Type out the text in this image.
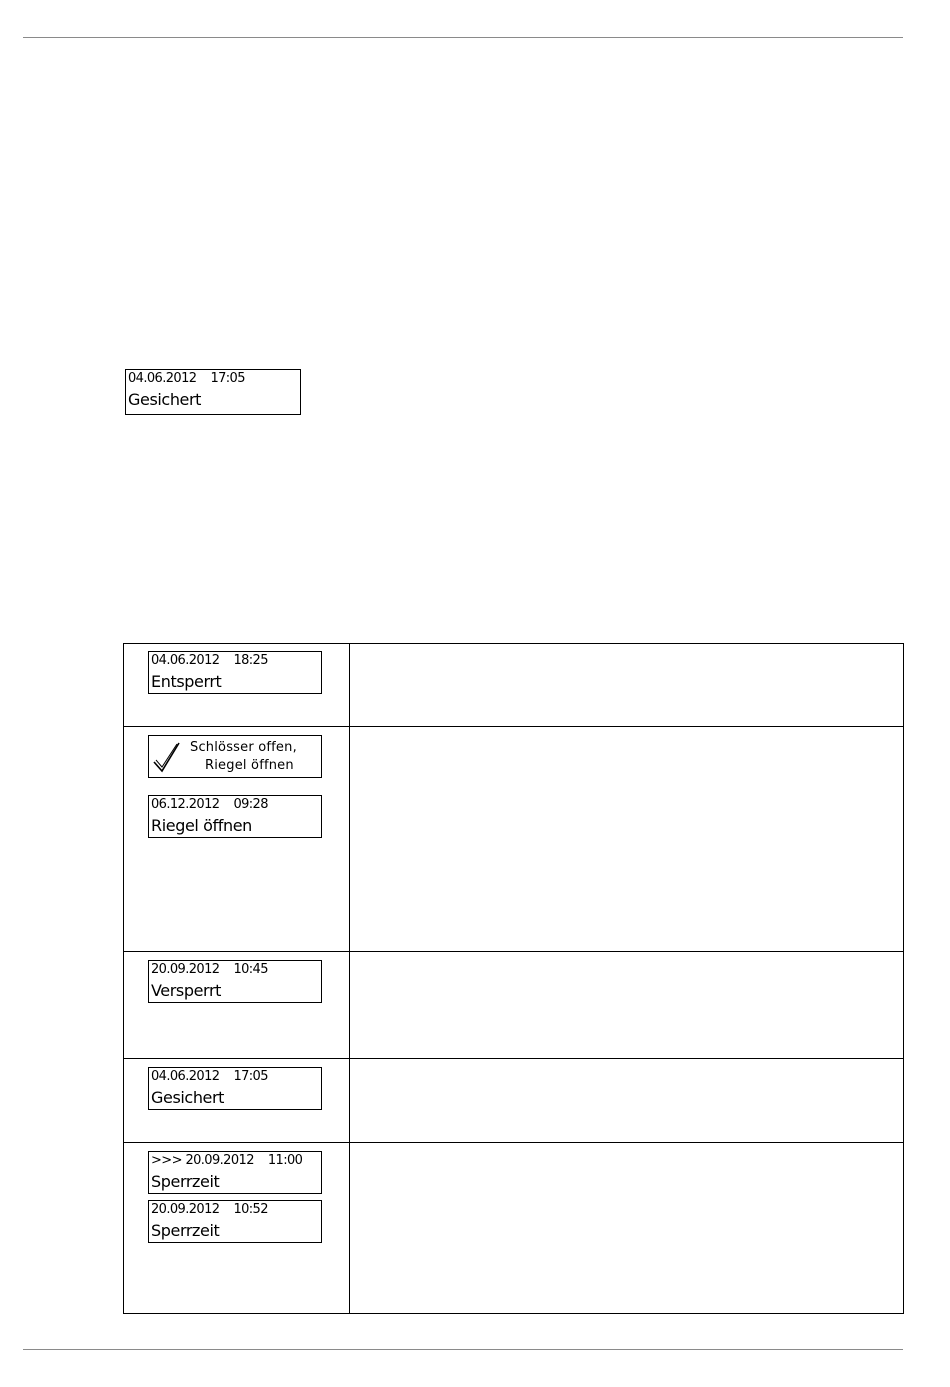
04.06.2012 17:05
Gesichert
04.06.2012 18:25
Entsperrt
Schlösser offen,
Riegel öffnen
06.12.2012 09:28
Riegel öffnen
20.09.2012 10:45
Versperrt
04.06.2012 17:05
Gesichert
>>> 20.09.2012 11:00
Sperrzeit
20.09.2012 10:52
Sperrzeit
